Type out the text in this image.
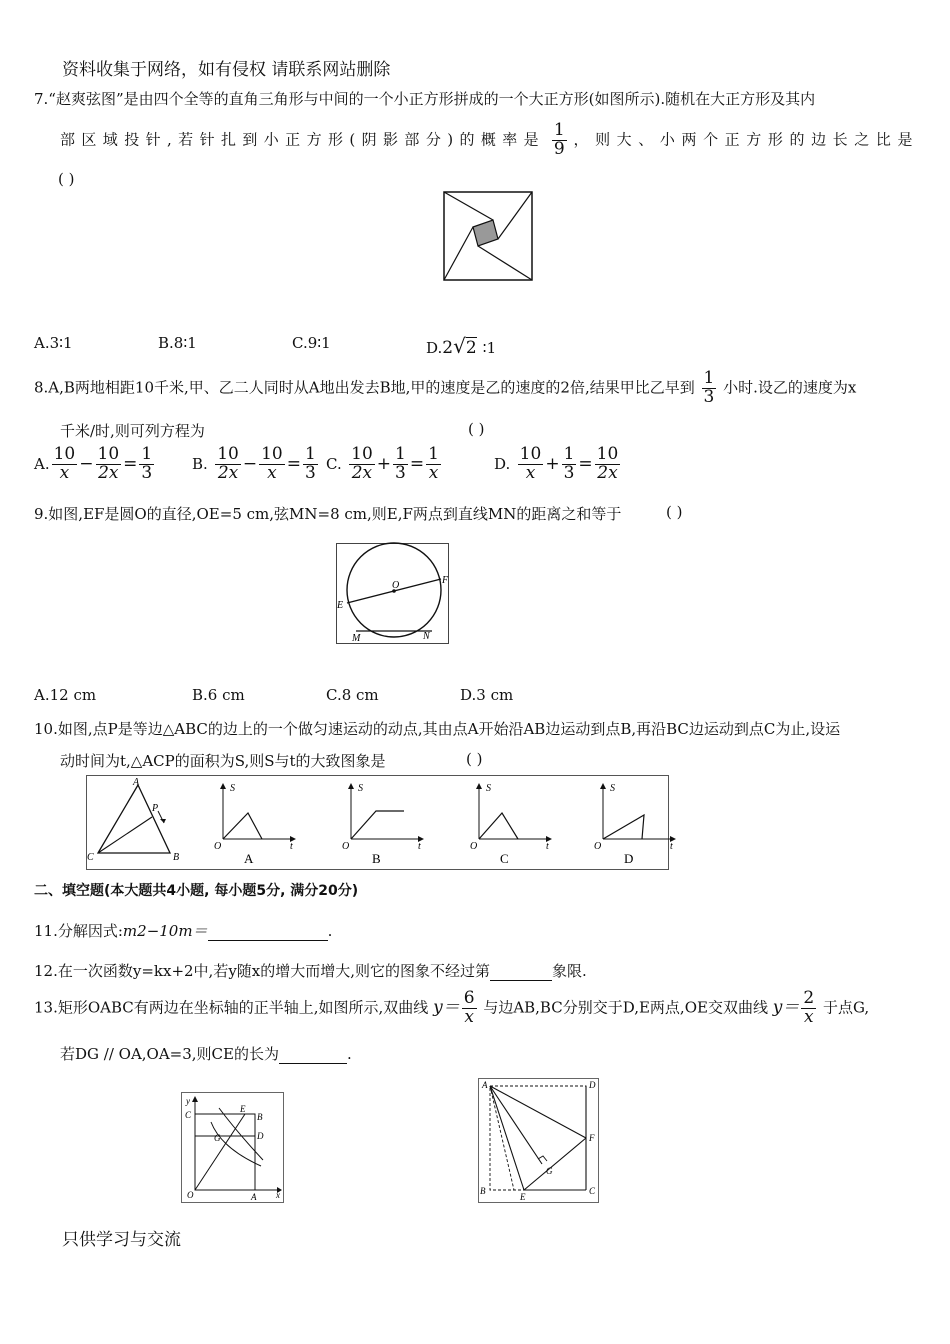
资料收集于网络，如有侵权 请联系网站删除
7.“赵爽弦图”是由四个全等的直角三角形与中间的一个小正方形拼成的一个大正方形(如图所示).随机在大正方形及其内
部区域投针,若针扎到小正方形(阴影部分)的概率是 $\frac{1}{9}$ ，则大、小两个正方形的边长之比是
( )
A.3∶1	B.8∶1	C.9∶1	D.2√2 ∶1
8.A,B两地相距10千米,甲、乙二人同时从A地出发去B地,甲的速度是乙的速度的2倍,结果甲比乙早到 $\frac{1}{3}$ 小时.设乙的速度为x
千米/时,则可列方程为	( )
A. $\frac{10}{x} - \frac{10}{2x} = \frac{1}{3}$	B. $\frac{10}{2x} - \frac{10}{x} = \frac{1}{3} C$. $\frac{10}{2x} + \frac{1}{3} = \frac{1}{x}$	D. $\frac{10}{x} + \frac{1}{3} = \frac{10}{2x}$
9.如图,EF是圆O的直径,OE=5 cm,弦MN=8 cm,则E,F两点到直线MN的距离之和等于	( )
O	F
E
M	N
A.12 cm	B.6 cm	C.8 cm	D.3 cm
10.如图,点P是等边△ABC的边上的一个做匀速运动的动点,其由点A开始沿AB边运动到点B,再沿BC边运动到点C为止,设运
动时间为t,△ACP的面积为S,则S与t的大致图象是	( )
A
P
C	B
S
O	t
A
S
O	t
B
S
O	t
C
S
O	t
D
二、填空题(本大题共4小题, 每小题5分, 满分20分)
11.分解因式:m2−10m＝	.
12.在一次函数y=kx+2中,若y随x的增大而增大,则它的图象不经过第	象限.
13.矩形OABC有两边在坐标轴的正半轴上,如图所示,双曲线 $y= \frac{6}{x}$ 与边AB,BC分别交于D,E两点,OE交双曲线 $y= \frac{2}{x}$ 于点G,
若DG // OA,OA=3,则CE的长为	.
y
C
E
B
G	D
O	A x
A	D
F
G
B
E
C
只供学习与交流
